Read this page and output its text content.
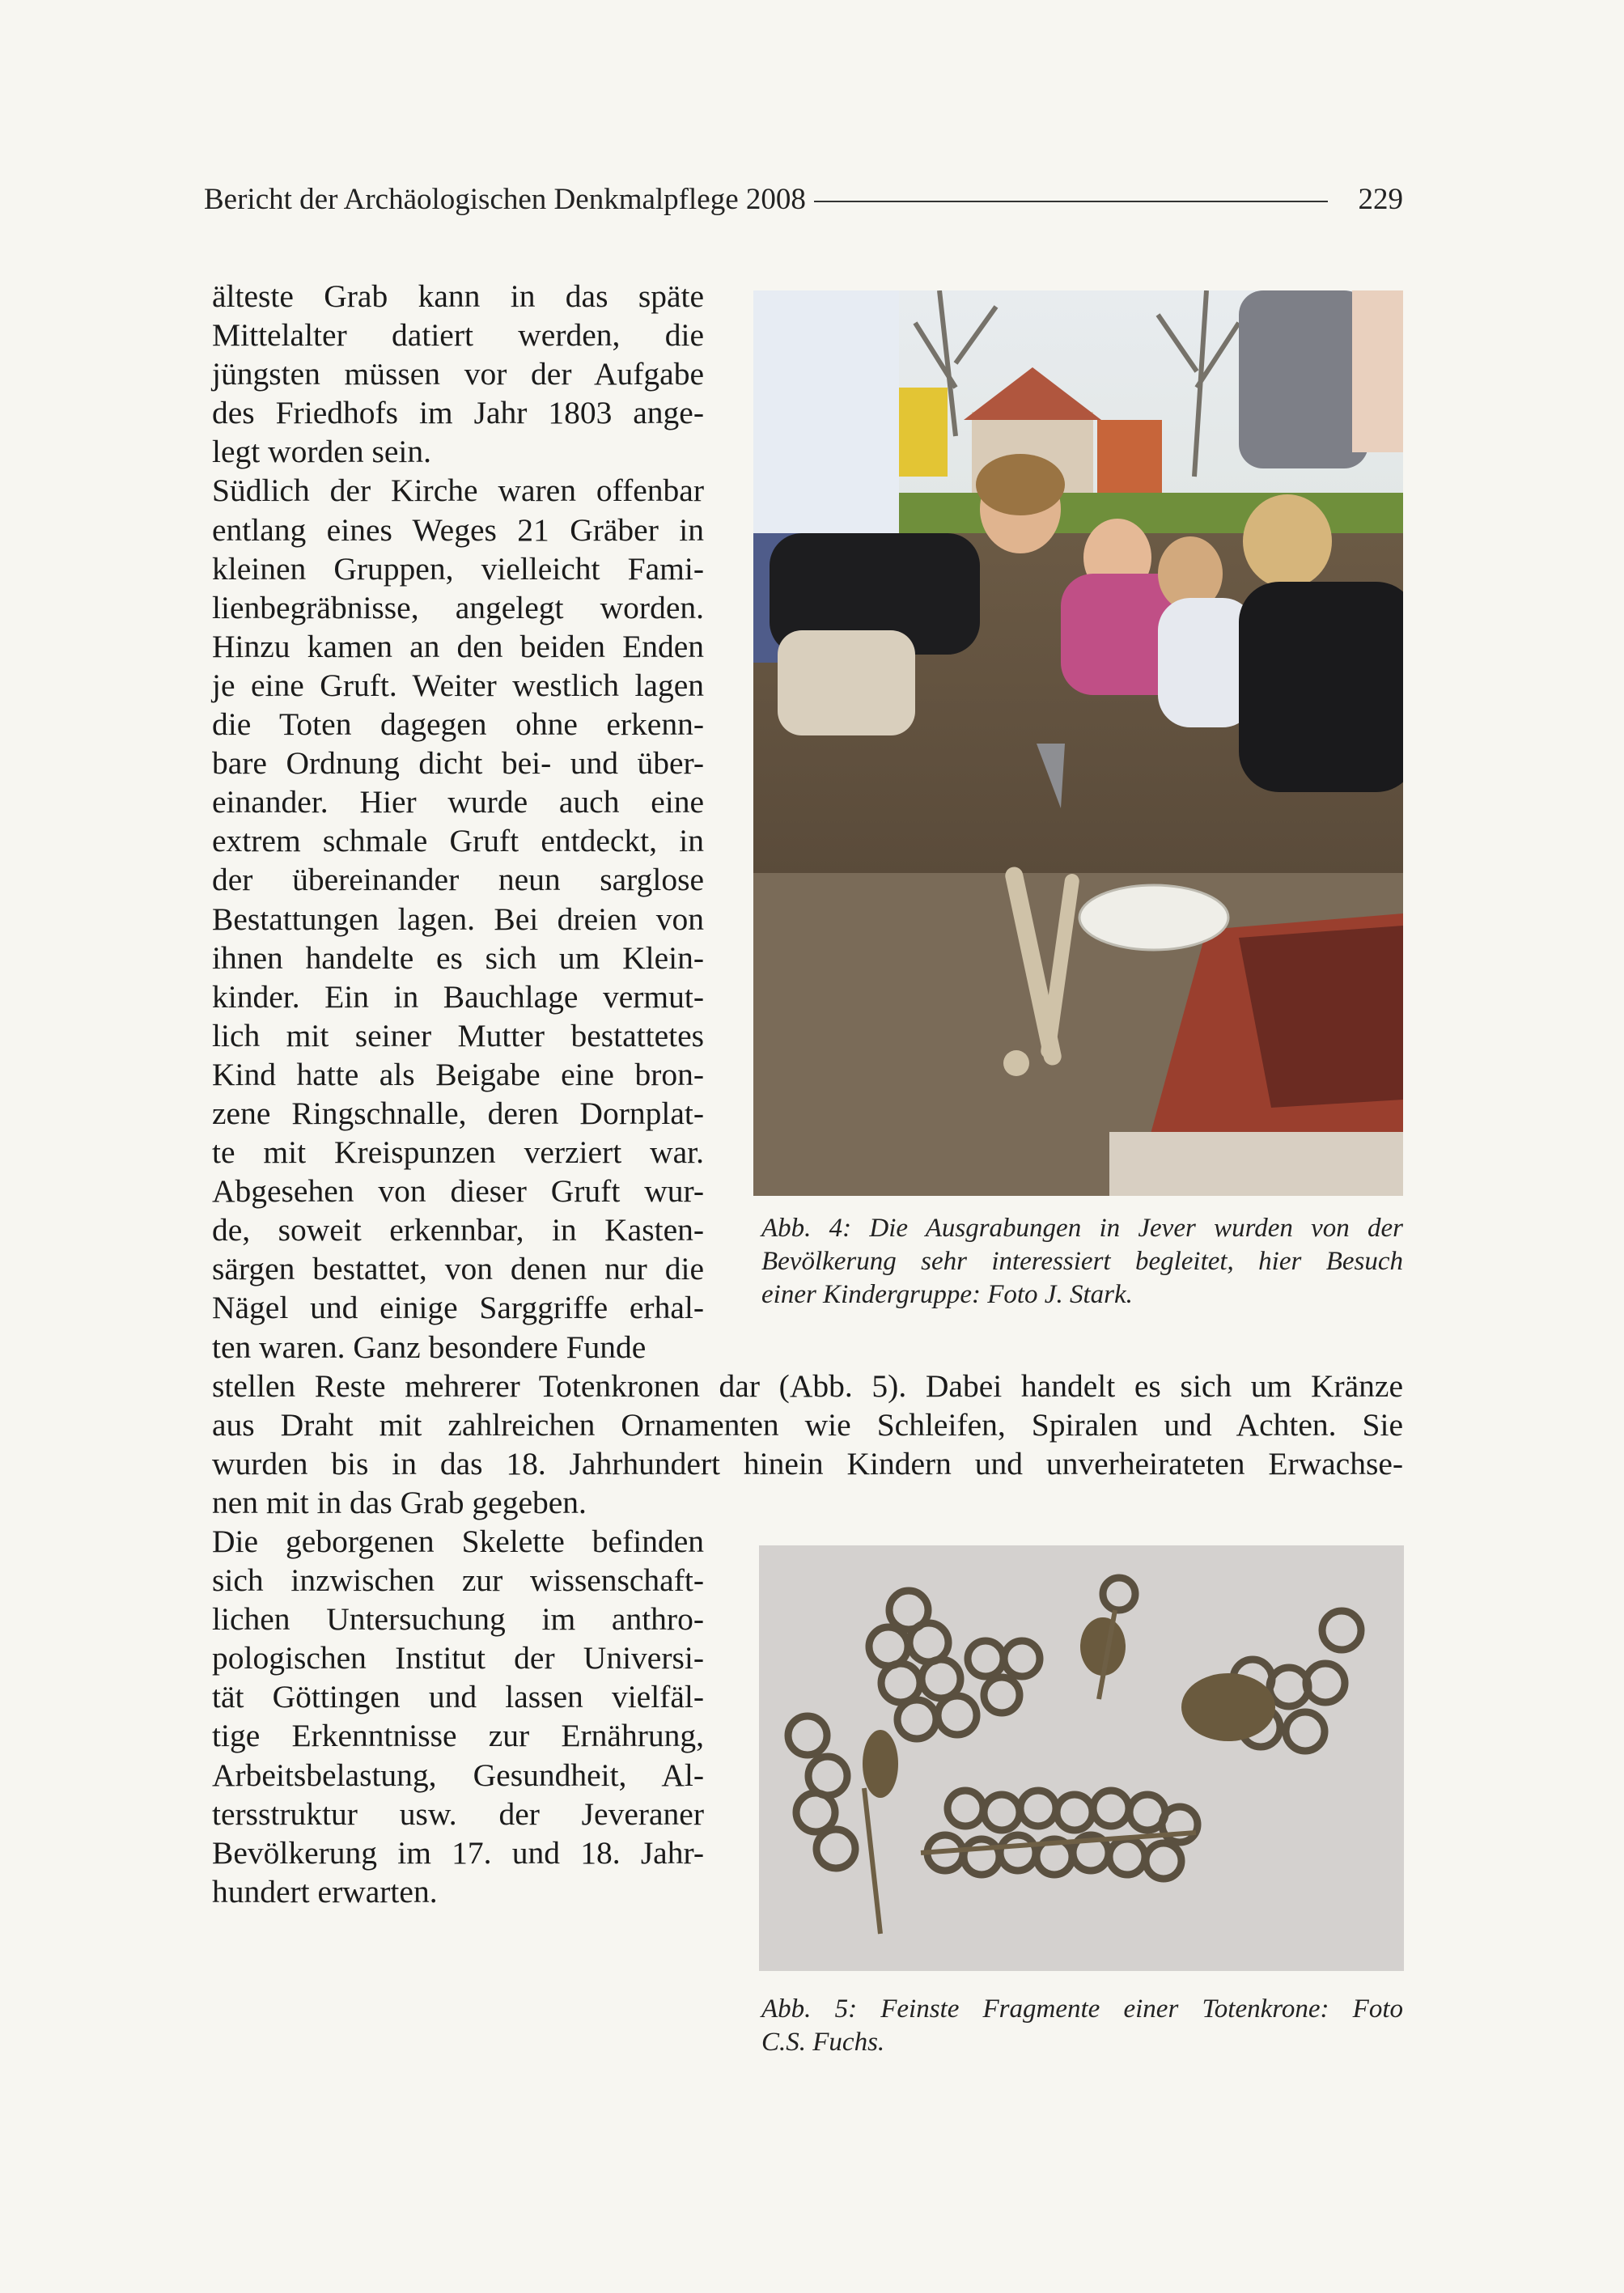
Bericht der Archäologischen Denkmalpflege 2008	229
älteste Grab kann in das späte
Mittelalter datiert werden, die
jüngsten müssen vor der Aufgabe
des Friedhofs im Jahr 1803 ange-
legt worden sein.
Südlich der Kirche waren offenbar
entlang eines Weges 21 Gräber in
kleinen Gruppen, vielleicht Fami-
lienbegräbnisse, angelegt worden.
Hinzu kamen an den beiden Enden
je eine Gruft. Weiter westlich lagen
die Toten dagegen ohne erkenn-
bare Ordnung dicht bei- und über-
einander. Hier wurde auch eine
extrem schmale Gruft entdeckt, in
der übereinander neun sarglose
Bestattungen lagen. Bei dreien von
ihnen handelte es sich um Klein-
kinder. Ein in Bauchlage vermut-
lich mit seiner Mutter bestattetes
Kind hatte als Beigabe eine bron-
zene Ringschnalle, deren Dornplat-
te mit Kreispunzen verziert war.
Abgesehen von dieser Gruft wur-
de, soweit erkennbar, in Kasten-
särgen bestattet, von denen nur die
Nägel und einige Sarggriffe erhal-
ten waren. Ganz besondere Funde
stellen Reste mehrerer Totenkronen dar (Abb. 5). Dabei handelt es sich um Kränze
aus Draht mit zahlreichen Ornamenten wie Schleifen, Spiralen und Achten. Sie
wurden bis in das 18. Jahrhundert hinein Kindern und unverheirateten Erwachse-
nen mit in das Grab gegeben.
Die geborgenen Skelette befinden
sich inzwischen zur wissenschaft-
lichen Untersuchung im anthro-
pologischen Institut der Universi-
tät Göttingen und lassen vielfäl-
tige Erkenntnisse zur Ernährung,
Arbeitsbelastung, Gesundheit, Al-
tersstruktur usw. der Jeveraner
Bevölkerung im 17. und 18. Jahr-
hundert erwarten.
Abb. 4: Die Ausgrabungen in Jever wurden von der
Bevölkerung sehr interessiert begleitet, hier Besuch
einer Kindergruppe: Foto J. Stark.
Abb. 5: Feinste Fragmente einer Totenkrone: Foto
C.S. Fuchs.
